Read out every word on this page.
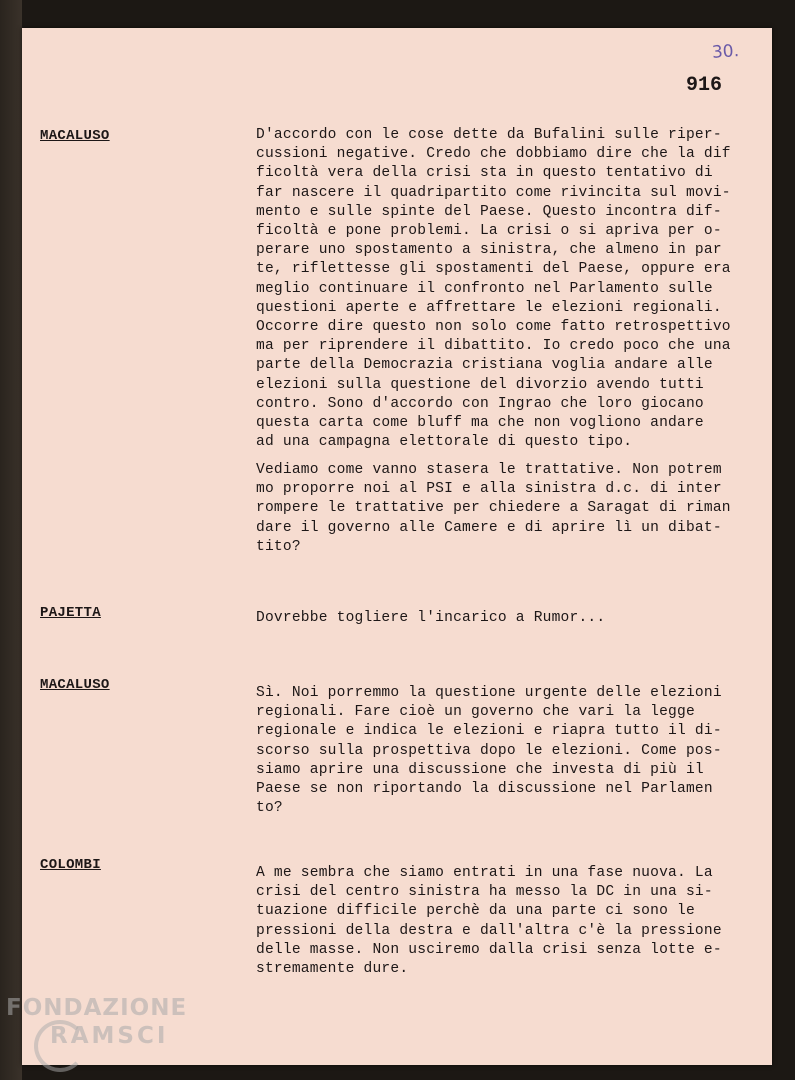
30.
916
MACALUSO	D'accordo con le cose dette da Bufalini sulle riper-
cussioni negative. Credo che dobbiamo dire che la dif
ficoltà vera della crisi sta in questo tentativo di
far nascere il quadripartito come rivincita sul movi-
mento e sulle spinte del Paese. Questo incontra dif-
ficoltà e pone problemi. La crisi o si apriva per o-
perare uno spostamento a sinistra, che almeno in par
te, riflettesse gli spostamenti del Paese, oppure era
meglio continuare il confronto nel Parlamento sulle
questioni aperte e affrettare le elezioni regionali.
Occorre dire questo non solo come fatto retrospettivo
ma per riprendere il dibattito. Io credo poco che una
parte della Democrazia cristiana voglia andare alle
elezioni sulla questione del divorzio avendo tutti
contro. Sono d'accordo con Ingrao che loro giocano
questa carta come bluff ma che non vogliono andare
ad una campagna elettorale di questo tipo.
Vediamo come vanno stasera le trattative. Non potrem
mo proporre noi al PSI e alla sinistra d.c. di inter
rompere le trattative per chiedere a Saragat di riman
dare il governo alle Camere e di aprire lì un dibat-
tito?
PAJETTA	Dovrebbe togliere l'incarico a Rumor...
MACALUSO	Sì. Noi porremmo la questione urgente delle elezioni
regionali. Fare cioè un governo che vari la legge
regionale e indica le elezioni e riapra tutto il di-
scorso sulla prospettiva dopo le elezioni. Come pos-
siamo aprire una discussione che investa di più il
Paese se non riportando la discussione nel Parlamen
to?
COLOMBI	A me sembra che siamo entrati in una fase nuova. La
crisi del centro sinistra ha messo la DC in una si-
tuazione difficile perchè da una parte ci sono le
pressioni della destra e dall'altra c'è la pressione
delle masse. Non usciremo dalla crisi senza lotte e-
stremamente dure.
FONDAZIONE
RAMSCI
